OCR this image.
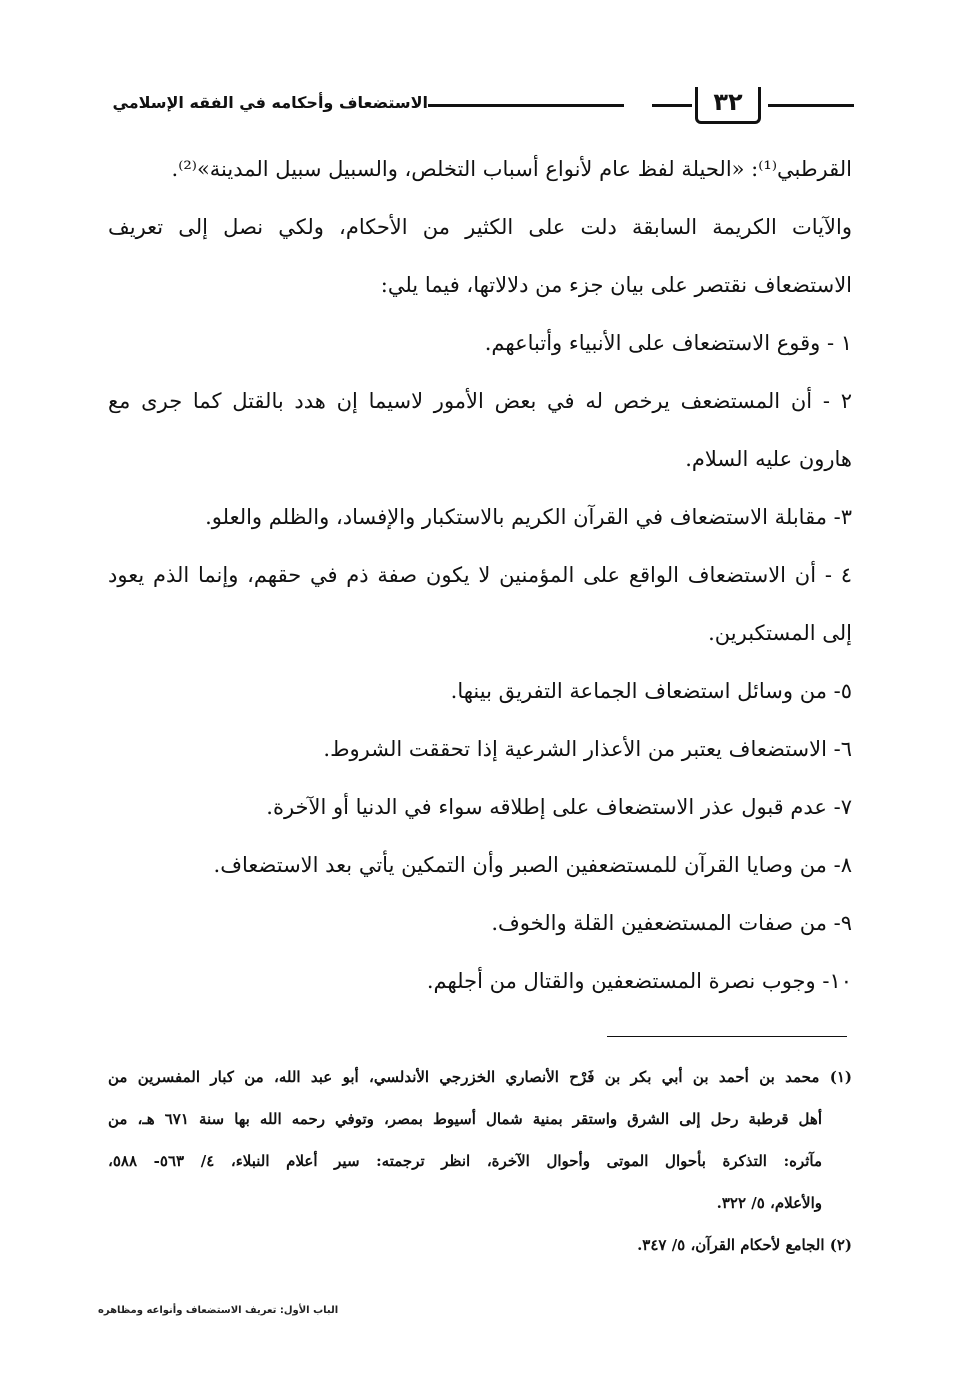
٣٢
الاستضعاف وأحكامه في الفقه الإسلامي
القرطبي⁽¹⁾: «الحيلة لفظ عام لأنواع أسباب التخلص، والسبيل سبيل المدينة»⁽²⁾.
والآيات الكريمة السابقة دلت على الكثير من الأحكام، ولكي نصل إلى تعريف
الاستضعاف نقتصر على بيان جزء من دلالاتها، فيما يلي:
١ - وقوع الاستضعاف على الأنبياء وأتباعهم.
٢ - أن المستضعف يرخص له في بعض الأمور لاسيما إن هدد بالقتل كما جرى مع
هارون عليه السلام.
٣- مقابلة الاستضعاف في القرآن الكريم بالاستكبار والإفساد، والظلم والعلو.
٤ - أن الاستضعاف الواقع على المؤمنين لا يكون صفة ذم في حقهم، وإنما الذم يعود
إلى المستكبرين.
٥- من وسائل استضعاف الجماعة التفريق بينها.
٦- الاستضعاف يعتبر من الأعذار الشرعية إذا تحققت الشروط.
٧- عدم قبول عذر الاستضعاف على إطلاقه سواء في الدنيا أو الآخرة.
٨- من وصايا القرآن للمستضعفين الصبر وأن التمكين يأتي بعد الاستضعاف.
٩- من صفات المستضعفين القلة والخوف.
١٠- وجوب نصرة المستضعفين والقتال من أجلهم.
(١) محمد بن أحمد بن أبي بكر بن فَرْح الأنصاري الخزرجي الأندلسي، أبو عبد الله، من كبار المفسرين من
أهل قرطبة رحل إلى الشرق واستقر بمنية شمال أسيوط بمصر، وتوفي رحمه الله بها سنة ٦٧١ هـ، من
مآثره: التذكرة بأحوال الموتى وأحوال الآخرة، انظر ترجمته: سير أعلام النبلاء، ٤/ ٥٦٣- ٥٨٨،
والأعلام، ٥/ ٣٢٢.
(٢) الجامع لأحكام القرآن، ٥/ ٣٤٧.
الباب الأول: تعريف الاستضعاف وأنواعه ومظاهره
